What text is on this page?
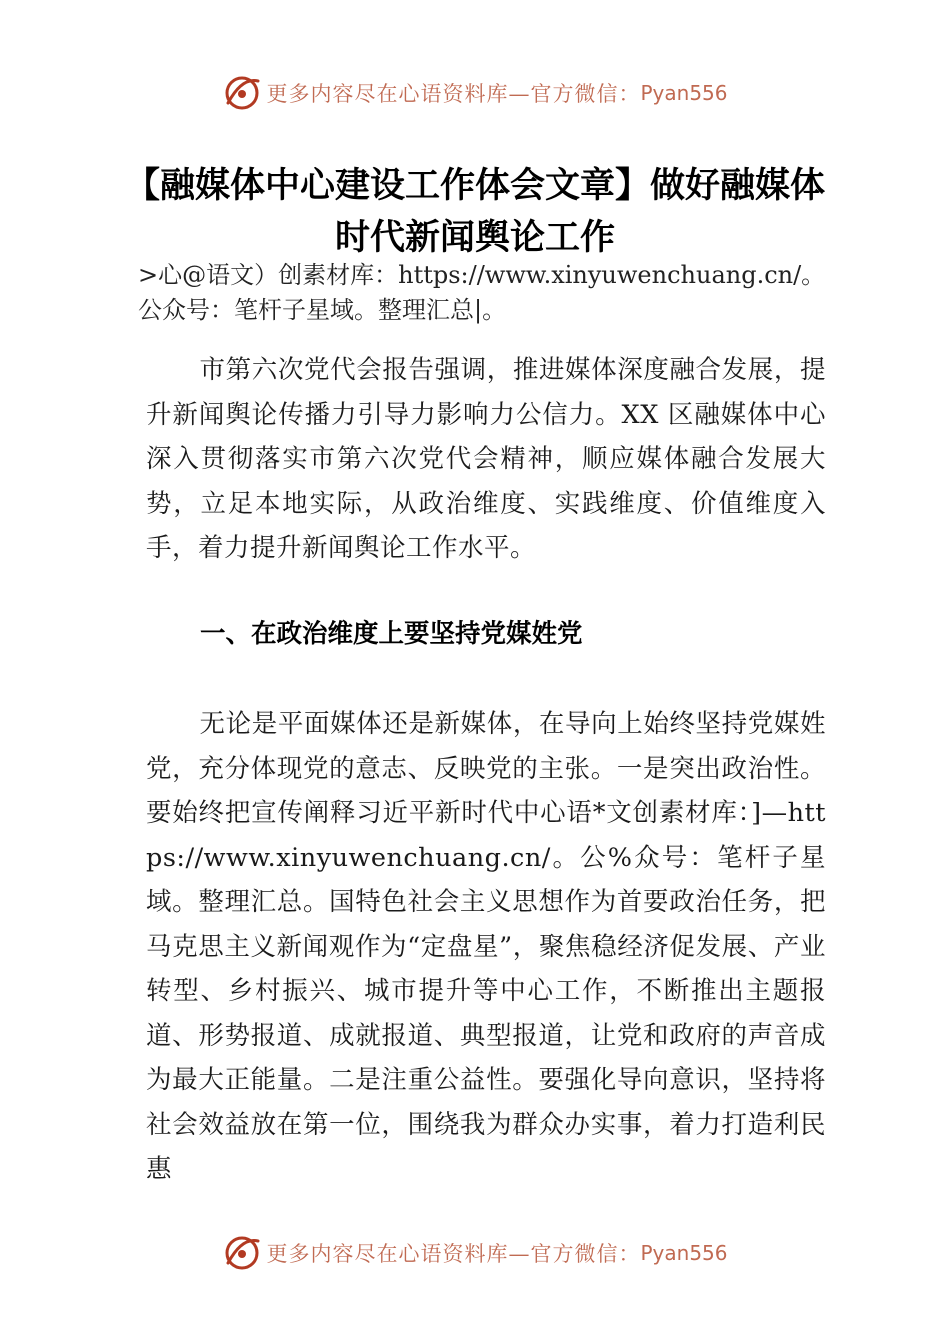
更多内容尽在心语资料库—官方微信： Pyan556
【融媒体中心建设工作体会文章】做好融媒体时代新闻舆论工作
>心@语文）创素材库：https://www.xinyuwenchuang.cn/。公众号：笔杆子星域。整理汇总|。

市第六次党代会报告强调，推进媒体深度融合发展，提升新闻舆论传播力引导力影响力公信力。XX 区融媒体中心深入贯彻落实市第六次党代会精神，顺应媒体融合发展大势，立足本地实际，从政治维度、实践维度、价值维度入手，着力提升新闻舆论工作水平。

一、在政治维度上要坚持党媒姓党

无论是平面媒体还是新媒体，在导向上始终坚持党媒姓党，充分体现党的意志、反映党的主张。一是突出政治性。要始终把宣传阐释习近平新时代中心语*文创素材库：]—https://www.xinyuwenchuang.cn/。公%众号：笔杆子星域。整理汇总。国特色社会主义思想作为首要政治任务，把马克思主义新闻观作为“定盘星”，聚焦稳经济促发展、产业转型、乡村振兴、城市提升等中心工作，不断推出主题报道、形势报道、成就报道、典型报道，让党和政府的声音成为最大正能量。二是注重公益性。要强化导向意识，坚持将社会效益放在第一位，围绕我为群众办实事，着力打造利民惠

更多内容尽在心语资料库—官方微信： Pyan556
